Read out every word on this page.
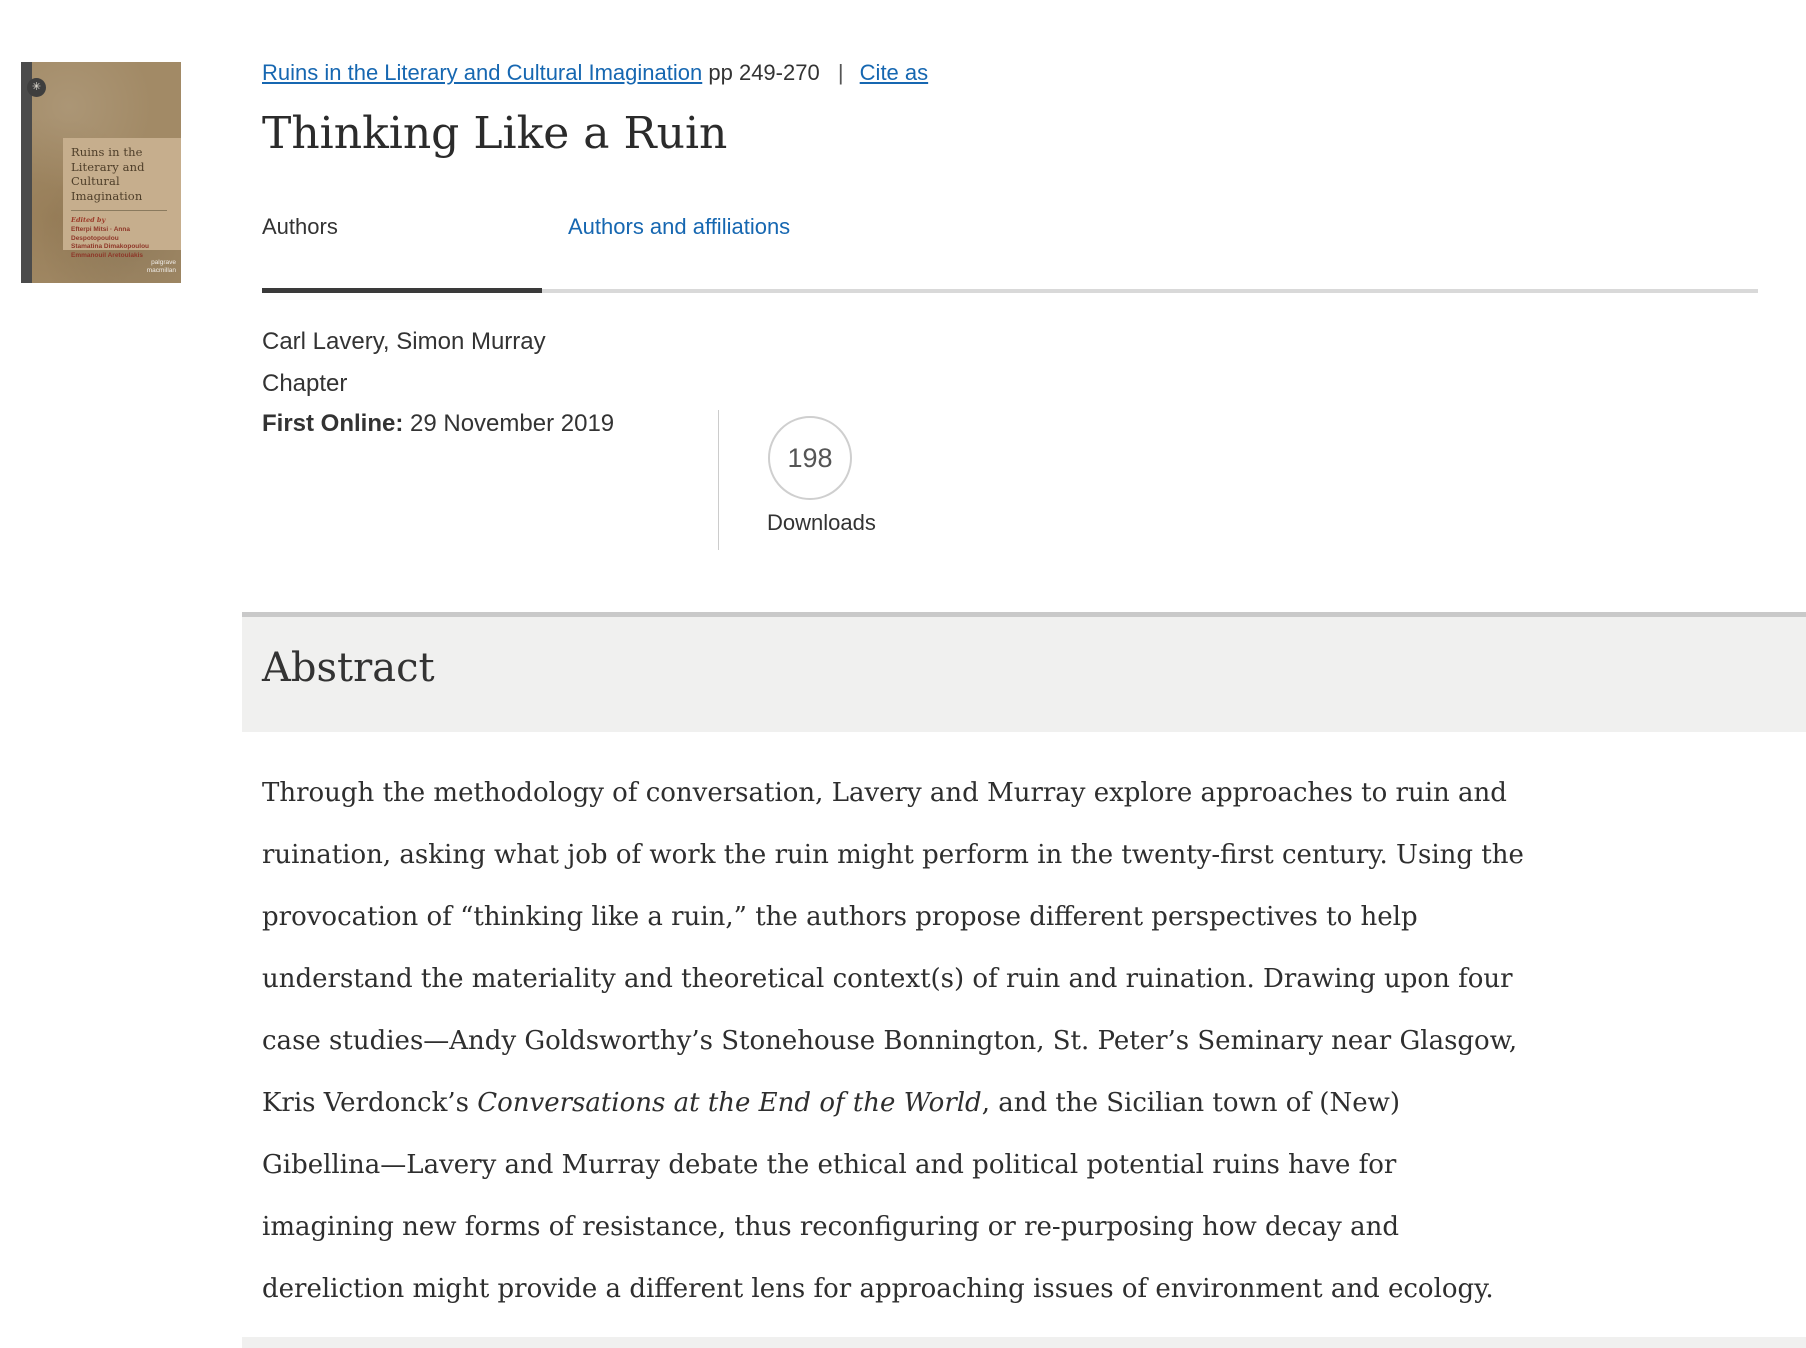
✳
Ruins in the Literary and Cultural Imagination
Edited by
Efterpi Mitsi · Anna Despotopoulou
Stamatina Dimakopoulou
Emmanouil Aretoulakis
palgrave
macmillan
Ruins in the Literary and Cultural Imagination pp 249-270 | Cite as
Thinking Like a Ruin
Authors	Authors and affiliations
Carl Lavery, Simon Murray
Chapter
First Online: 29 November 2019
198
Downloads
Abstract

Through the methodology of conversation, Lavery and Murray explore approaches to ruin and ruination, asking what job of work the ruin might perform in the twenty-first century. Using the provocation of “thinking like a ruin,” the authors propose different perspectives to help understand the materiality and theoretical context(s) of ruin and ruination. Drawing upon four case studies—Andy Goldsworthy’s Stonehouse Bonnington, St. Peter’s Seminary near Glasgow, Kris Verdonck’s Conversations at the End of the World, and the Sicilian town of (New) Gibellina—Lavery and Murray debate the ethical and political potential ruins have for imagining new forms of resistance, thus reconfiguring or re-purposing how decay and dereliction might provide a different lens for approaching issues of environment and ecology.
